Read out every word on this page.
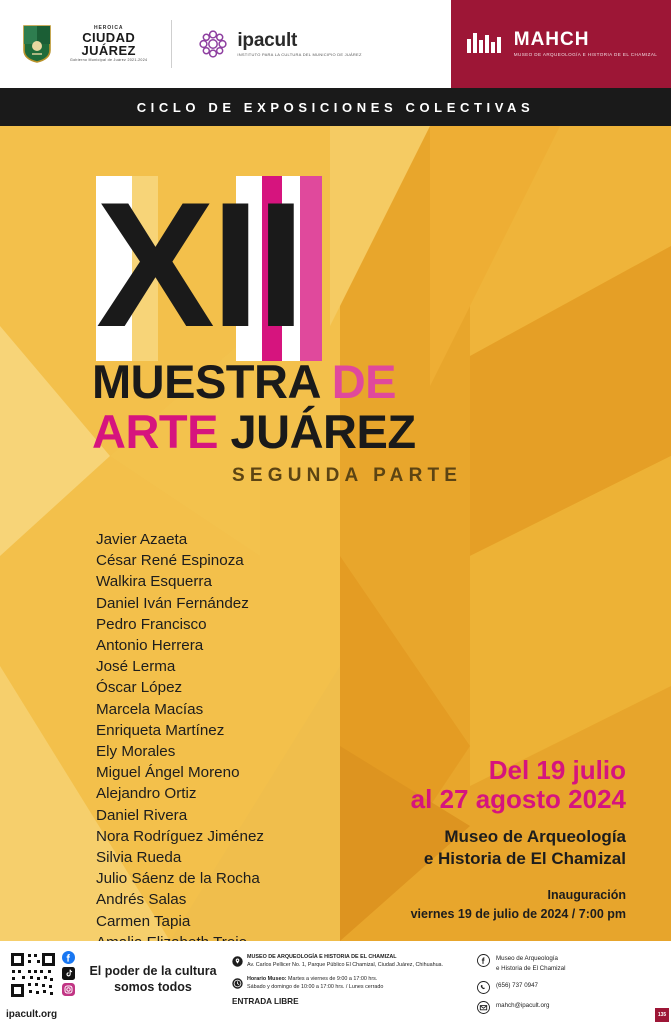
HEROICA
CIUDAD
JUÁREZ
Gobierno Municipal de Juárez 2021-2024
ipacult
INSTITUTO PARA LA CULTURA DEL MUNICIPIO DE JUÁREZ
MAHCH
MUSEO DE ARQUEOLOGÍA E HISTORIA DE EL CHAMIZAL
CICLO DE EXPOSICIONES COLECTIVAS
XII
MUESTRA DE
ARTE JUÁREZ
SEGUNDA PARTE
Javier Azaeta
César René Espinoza
Walkira Esquerra
Daniel Iván Fernández
Pedro Francisco
Antonio Herrera
José Lerma
Óscar López
Marcela Macías
Enriqueta Martínez
Ely Morales
Miguel Ángel Moreno
Alejandro Ortiz
Daniel Rivera
Nora Rodríguez Jiménez
Silvia Rueda
Julio Sáenz de la Rocha
Andrés Salas
Carmen Tapia
Del 19 julio
al 27 agosto 2024
Museo de Arqueología
e Historia de El Chamizal
Inauguración
viernes 19 de julio de 2024 / 7:00 pm
El poder de la cultura
somos todos
ipacult.org
MUSEO DE ARQUEOLOGÍA E HISTORIA DE EL CHAMIZAL
Av. Carlos Pellicer No. 1, Parque Público El Chamizal, Ciudad Juárez, Chihuahua.
Horario Museo: Martes a viernes de 9:00 a 17:00 hrs.
Sábado y domingo de 10:00 a 17:00 hrs. / Lunes cerrado
ENTRADA LIBRE
Museo de Arqueología
e Historia de El Chamizal
(656) 737 0947
mahch@ipacult.org
135
